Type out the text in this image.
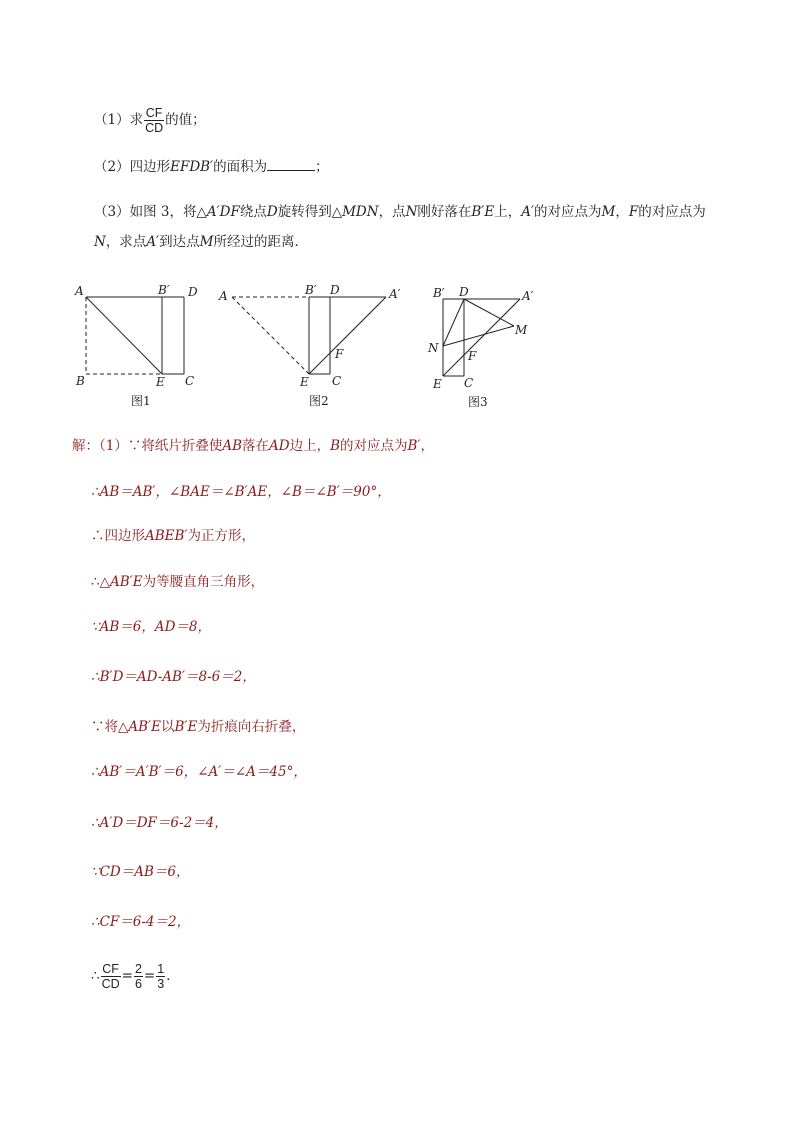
（1）求 $\frac{CF}{CD}$ 的值；
（2）四边形EFDB′的面积为	；
（3）如图 3，将△A′DF绕点D旋转得到△MDN，点N刚好落在B′E上，A′的对应点为M，F的对应点为
N，求点A′到达点M所经过的距离．
A	B′ D
B	E C
图1
A	B′ D	A′
F
E C
图2
B′ D	A′
M
N
F
E C
图3
解：（1）∵将纸片折叠使AB落在AD边上，B的对应点为B′，
∴AB＝AB′，∠BAE＝∠B′AE，∠B＝∠B′＝90°，
∴四边形ABEB′为正方形，
∴△AB′E为等腰直角三角形，
∵AB＝6，AD＝8，
∴B′D＝AD-AB′＝8-6＝2，
∵将△AB′E以B′E为折痕向右折叠，
∴AB′＝A′B′＝6，∠A′＝∠A＝45°，
∴A′D＝DF＝6-2＝4，
∵CD＝AB＝6，
∴CF＝6-4＝2，
∴ $\frac{CF}{CD} = \frac{2}{6} = \frac{1}{3}$ ．
